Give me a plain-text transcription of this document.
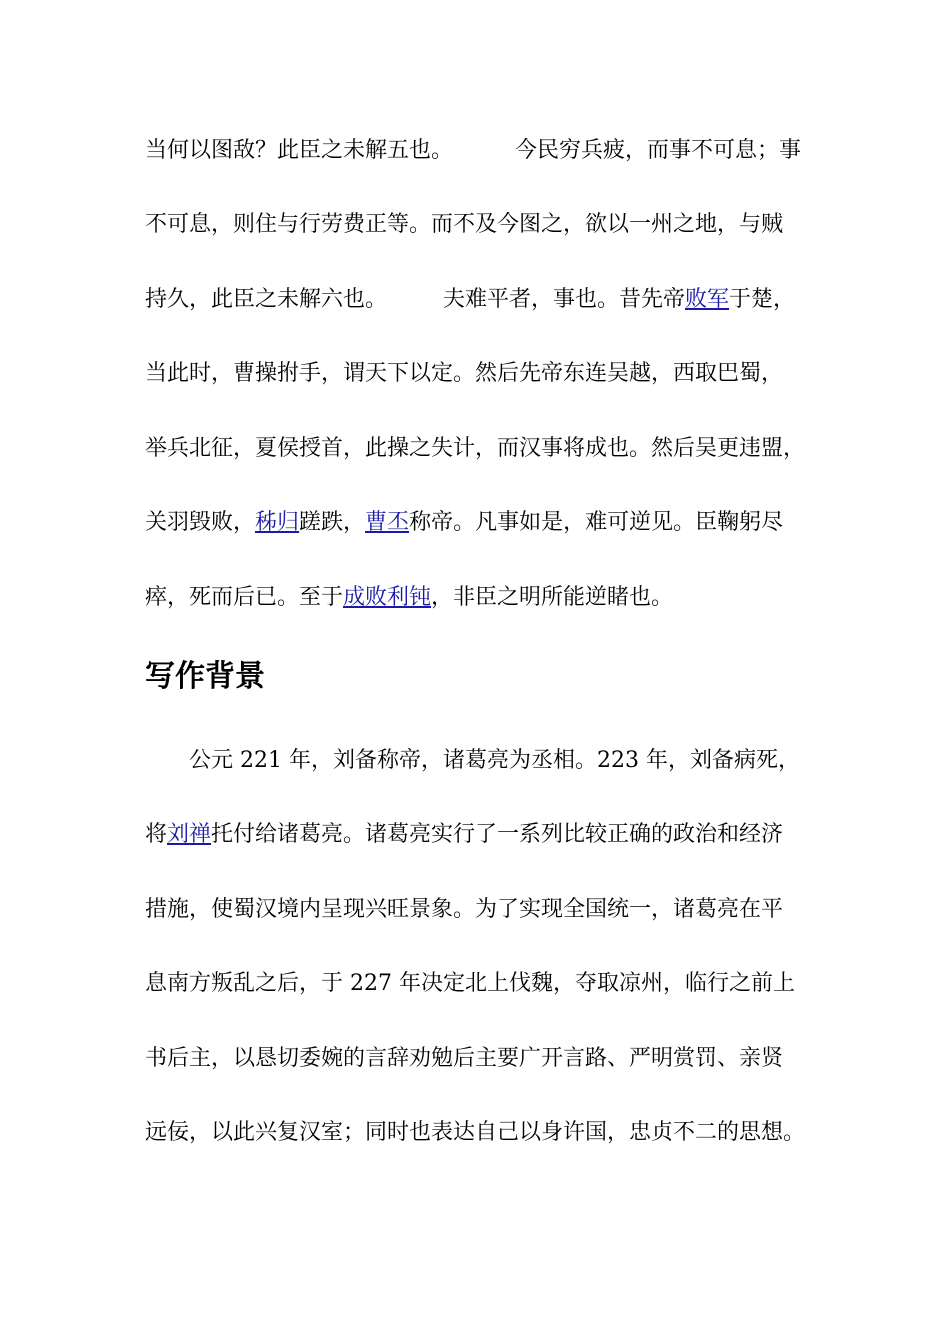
当何以图敌？此臣之未解五也。	今民穷兵疲，而事不可息；事
不可息，则住与行劳费正等。而不及今图之，欲以一州之地，与贼
持久，此臣之未解六也。	夫难平者，事也。昔先帝败军于楚，
当此时，曹操拊手，谓天下以定。然后先帝东连吴越，西取巴蜀，
举兵北征，夏侯授首，此操之失计，而汉事将成也。然后吴更违盟，
关羽毁败，秭归蹉跌，曹丕称帝。凡事如是，难可逆见。臣鞠躬尽
瘁，死而后已。至于成败利钝，非臣之明所能逆睹也。
写作背景
公元 221 年，刘备称帝，诸葛亮为丞相。223 年，刘备病死，
将刘禅托付给诸葛亮。诸葛亮实行了一系列比较正确的政治和经济
措施，使蜀汉境内呈现兴旺景象。为了实现全国统一，诸葛亮在平
息南方叛乱之后，于 227 年决定北上伐魏，夺取凉州，临行之前上
书后主，以恳切委婉的言辞劝勉后主要广开言路、严明赏罚、亲贤
远佞，以此兴复汉室；同时也表达自己以身许国，忠贞不二的思想。
